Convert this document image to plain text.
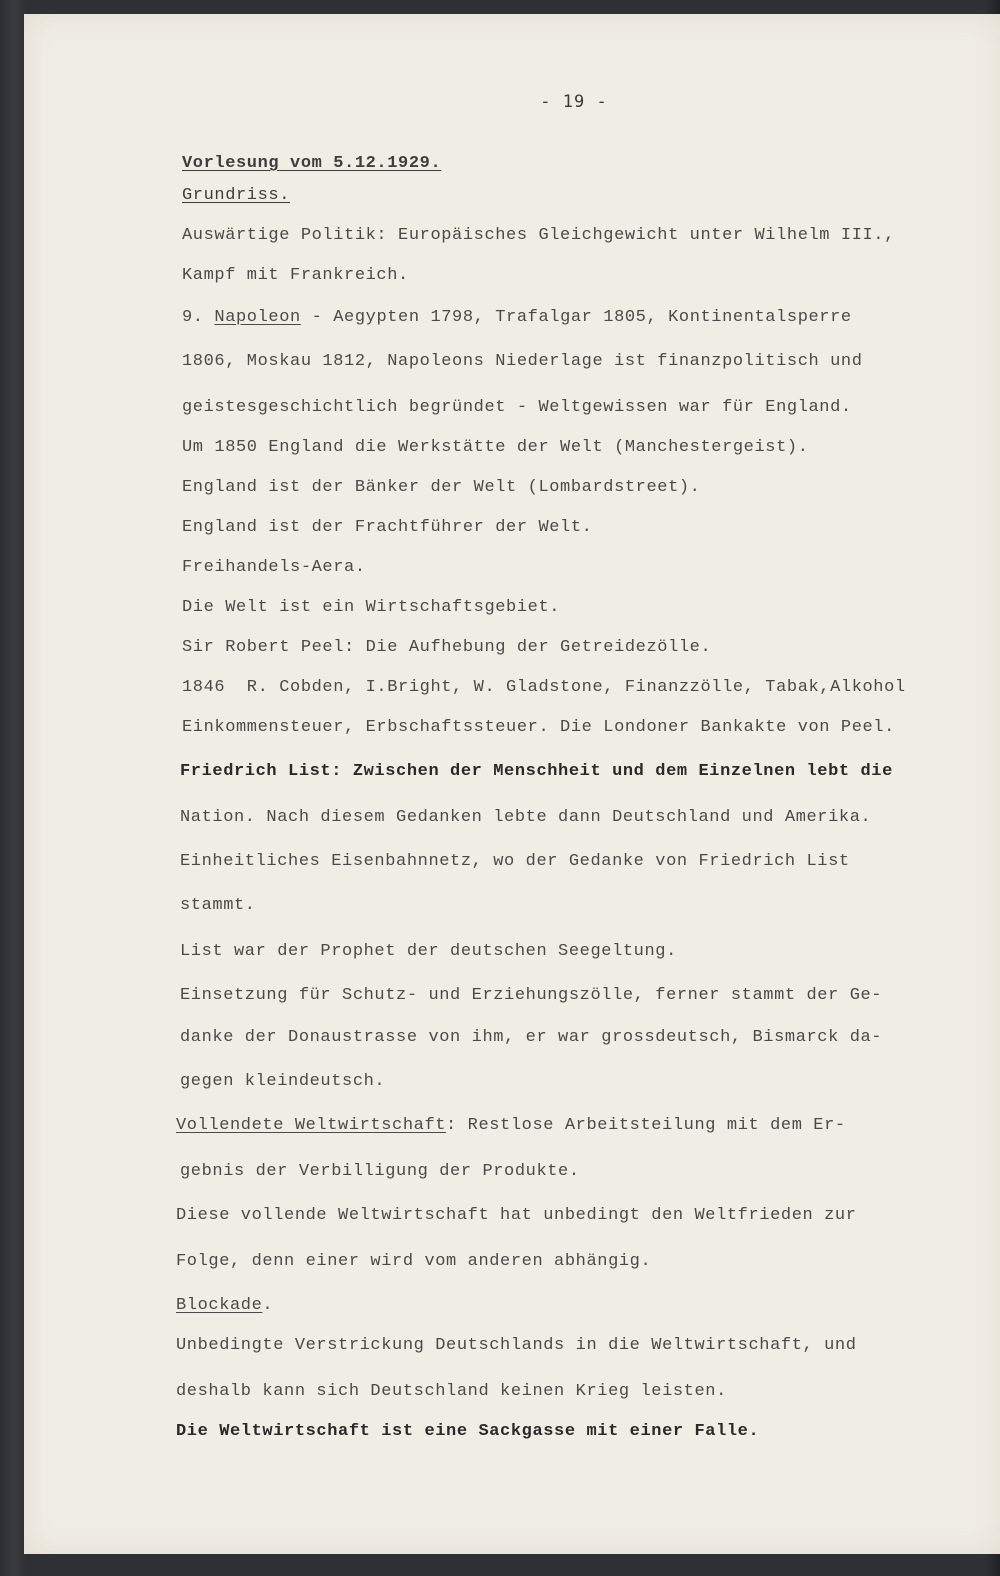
- 19 -
Vorlesung vom 5.12.1929.
Grundriss.
Auswärtige Politik: Europäisches Gleichgewicht unter Wilhelm III.,
Kampf mit Frankreich.
9. Napoleon - Aegypten 1798, Trafalgar 1805, Kontinentalsperre
1806, Moskau 1812, Napoleons Niederlage ist finanzpolitisch und
geistesgeschichtlich begründet - Weltgewissen war für England.
Um 1850 England die Werkstätte der Welt (Manchestergeist).
England ist der Bänker der Welt (Lombardstreet).
England ist der Frachtführer der Welt.
Freihandels-Aera.
Die Welt ist ein Wirtschaftsgebiet.
Sir Robert Peel: Die Aufhebung der Getreidezölle.
1846  R. Cobden, I.Bright, W. Gladstone, Finanzzölle, Tabak,Alkohol
Einkommensteuer, Erbschaftssteuer. Die Londoner Bankakte von Peel.
Friedrich List: Zwischen der Menschheit und dem Einzelnen lebt die
Nation. Nach diesem Gedanken lebte dann Deutschland und Amerika.
Einheitliches Eisenbahnnetz, wo der Gedanke von Friedrich List
stammt.
List war der Prophet der deutschen Seegeltung.
Einsetzung für Schutz- und Erziehungszölle, ferner stammt der Ge-
danke der Donaustrasse von ihm, er war grossdeutsch, Bismarck da-
gegen kleindeutsch.
Vollendete Weltwirtschaft: Restlose Arbeitsteilung mit dem Er-
gebnis der Verbilligung der Produkte.
Diese vollende Weltwirtschaft hat unbedingt den Weltfrieden zur
Folge, denn einer wird vom anderen abhängig.
Blockade.
Unbedingte Verstrickung Deutschlands in die Weltwirtschaft, und
deshalb kann sich Deutschland keinen Krieg leisten.
Die Weltwirtschaft ist eine Sackgasse mit einer Falle.
